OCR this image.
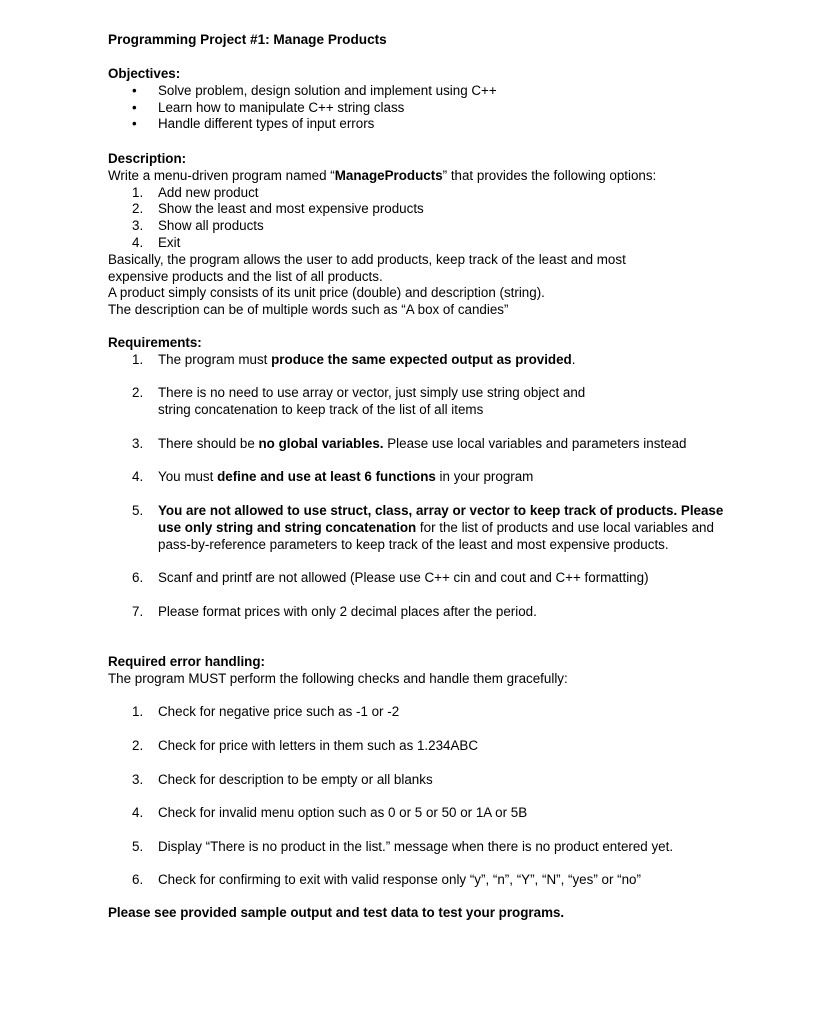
Programming Project #1: Manage Products
Objectives:
• Solve problem, design solution and implement using C++
• Learn how to manipulate C++ string class
• Handle different types of input errors
Description:

Write a menu-driven program named “ManageProducts” that provides the following options:

1. Add new product
2. Show the least and most expensive products
3. Show all products
4. Exit

Basically, the program allows the user to add products, keep track of the least and most expensive products and the list of all products.

A product simply consists of its unit price (double) and description (string).

The description can be of multiple words such as “A box of candies”

Requirements:
1. The program must produce the same expected output as provided.
2. There is no need to use array or vector, just simply use string object and string concatenation to keep track of the list of all items
3. There should be no global variables. Please use local variables and parameters instead
4. You must define and use at least 6 functions in your program
5. You are not allowed to use struct, class, array or vector to keep track of products. Please use only string and string concatenation for the list of products and use local variables and pass-by-reference parameters to keep track of the least and most expensive products.
6. Scanf and printf are not allowed (Please use C++ cin and cout and C++ formatting)
7. Please format prices with only 2 decimal places after the period.
Required error handling:

The program MUST perform the following checks and handle them gracefully:

1. Check for negative price such as -1 or -2
2. Check for price with letters in them such as 1.234ABC
3. Check for description to be empty or all blanks
4. Check for invalid menu option such as 0 or 5 or 50 or 1A or 5B
5. Display “There is no product in the list.” message when there is no product entered yet.
6. Check for confirming to exit with valid response only “y”, “n”, “Y”, “N”, “yes” or “no”
Please see provided sample output and test data to test your programs.
